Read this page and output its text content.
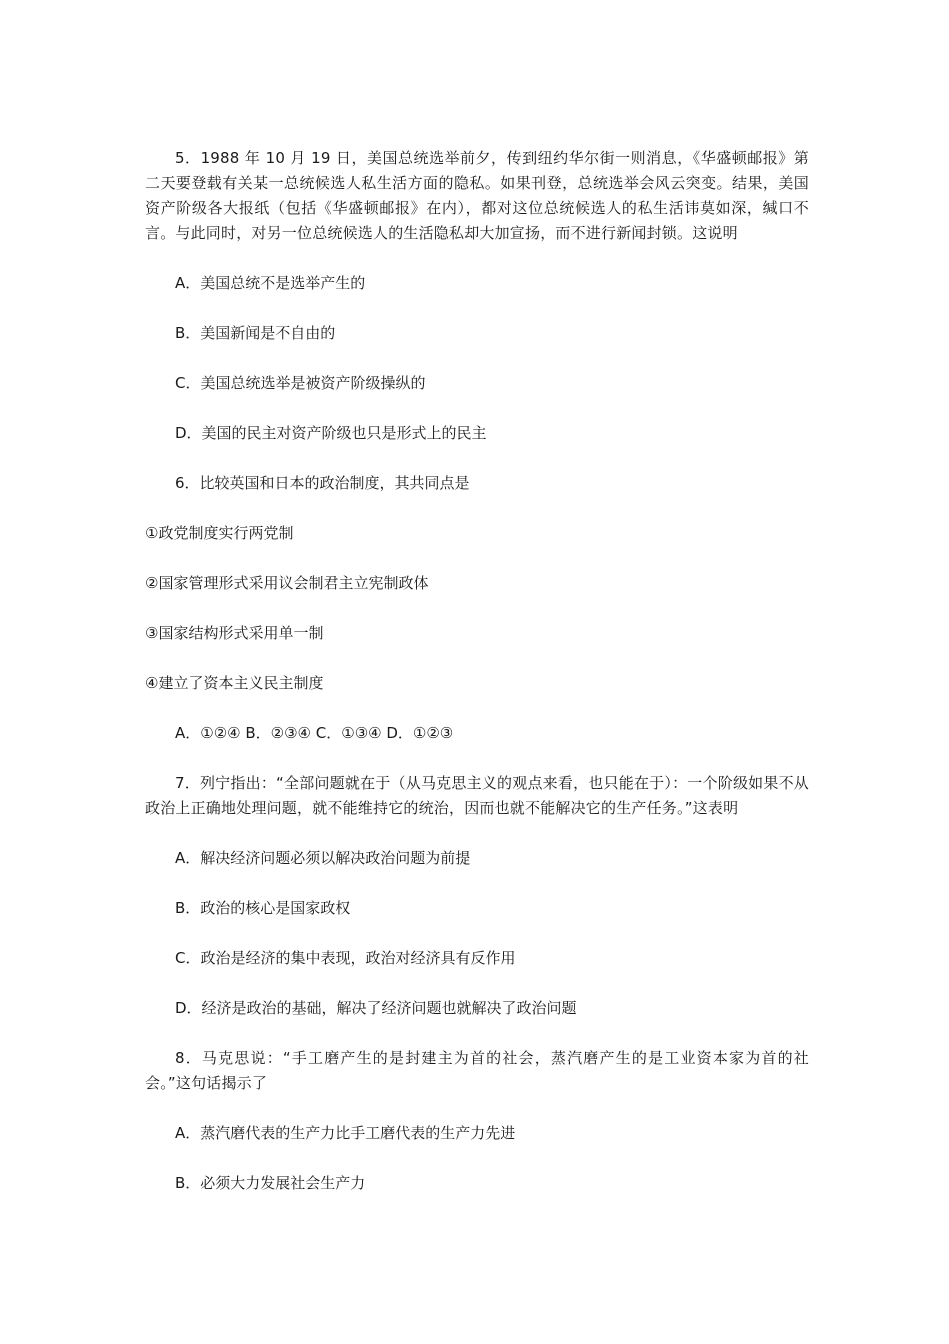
5．1988 年 10 月 19 日，美国总统选举前夕，传到纽约华尔街一则消息，《华盛顿邮报》第二天要登载有关某一总统候选人私生活方面的隐私。如果刊登，总统选举会风云突变。结果，美国资产阶级各大报纸（包括《华盛顿邮报》在内），都对这位总统候选人的私生活讳莫如深，缄口不言。与此同时，对另一位总统候选人的生活隐私却大加宣扬，而不进行新闻封锁。这说明

A．美国总统不是选举产生的

B．美国新闻是不自由的

C．美国总统选举是被资产阶级操纵的

D．美国的民主对资产阶级也只是形式上的民主

6．比较英国和日本的政治制度，其共同点是

①政党制度实行两党制

②国家管理形式采用议会制君主立宪制政体

③国家结构形式采用单一制

④建立了资本主义民主制度

A．①②④ B．②③④ C．①③④ D．①②③

7．列宁指出：“全部问题就在于（从马克思主义的观点来看，也只能在于）：一个阶级如果不从政治上正确地处理问题，就不能维持它的统治，因而也就不能解决它的生产任务。”这表明

A．解决经济问题必须以解决政治问题为前提

B．政治的核心是国家政权

C．政治是经济的集中表现，政治对经济具有反作用

D．经济是政治的基础，解决了经济问题也就解决了政治问题

8．马克思说：“手工磨产生的是封建主为首的社会，蒸汽磨产生的是工业资本家为首的社会。”这句话揭示了

A．蒸汽磨代表的生产力比手工磨代表的生产力先进

B．必须大力发展社会生产力
